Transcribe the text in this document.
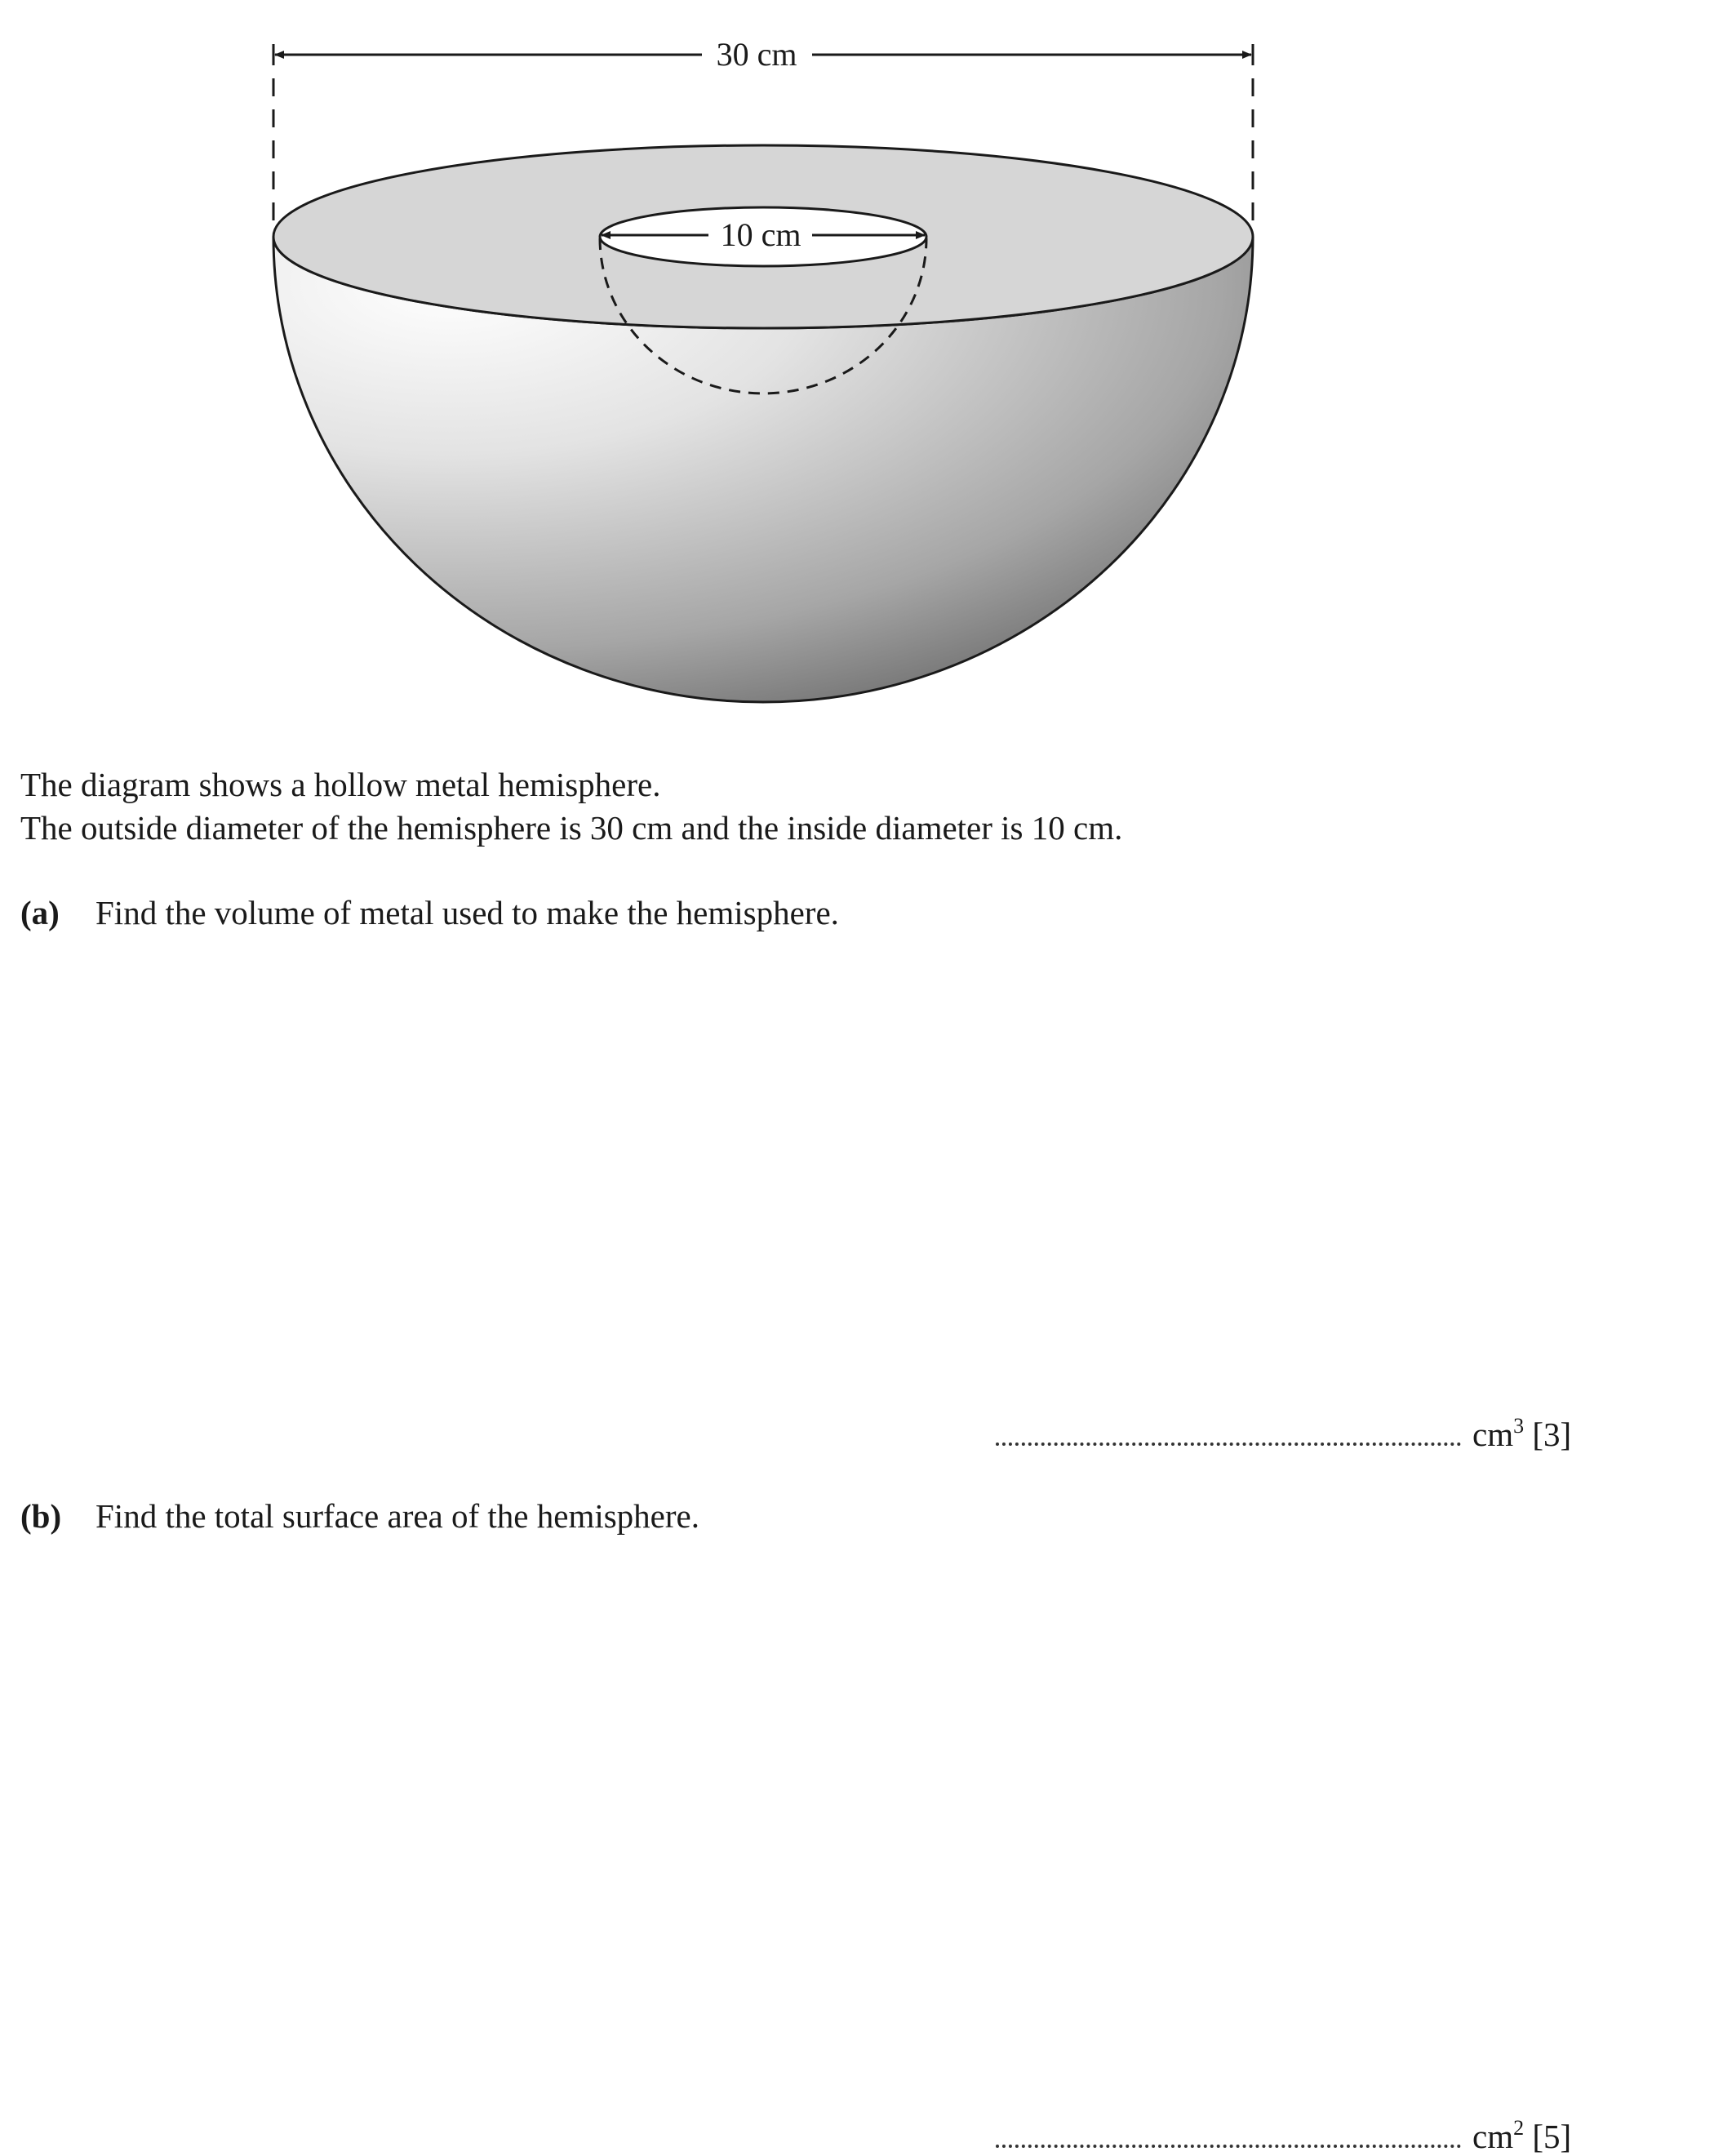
30 cm
10 cm
The diagram shows a hollow metal hemisphere.
The outside diameter of the hemisphere is 30 cm and the inside diameter is 10 cm.
(a) Find the volume of metal used to make the hemisphere.
$cm^3$ [3]
(b) Find the total surface area of the hemisphere.
$cm^2$ [5]
